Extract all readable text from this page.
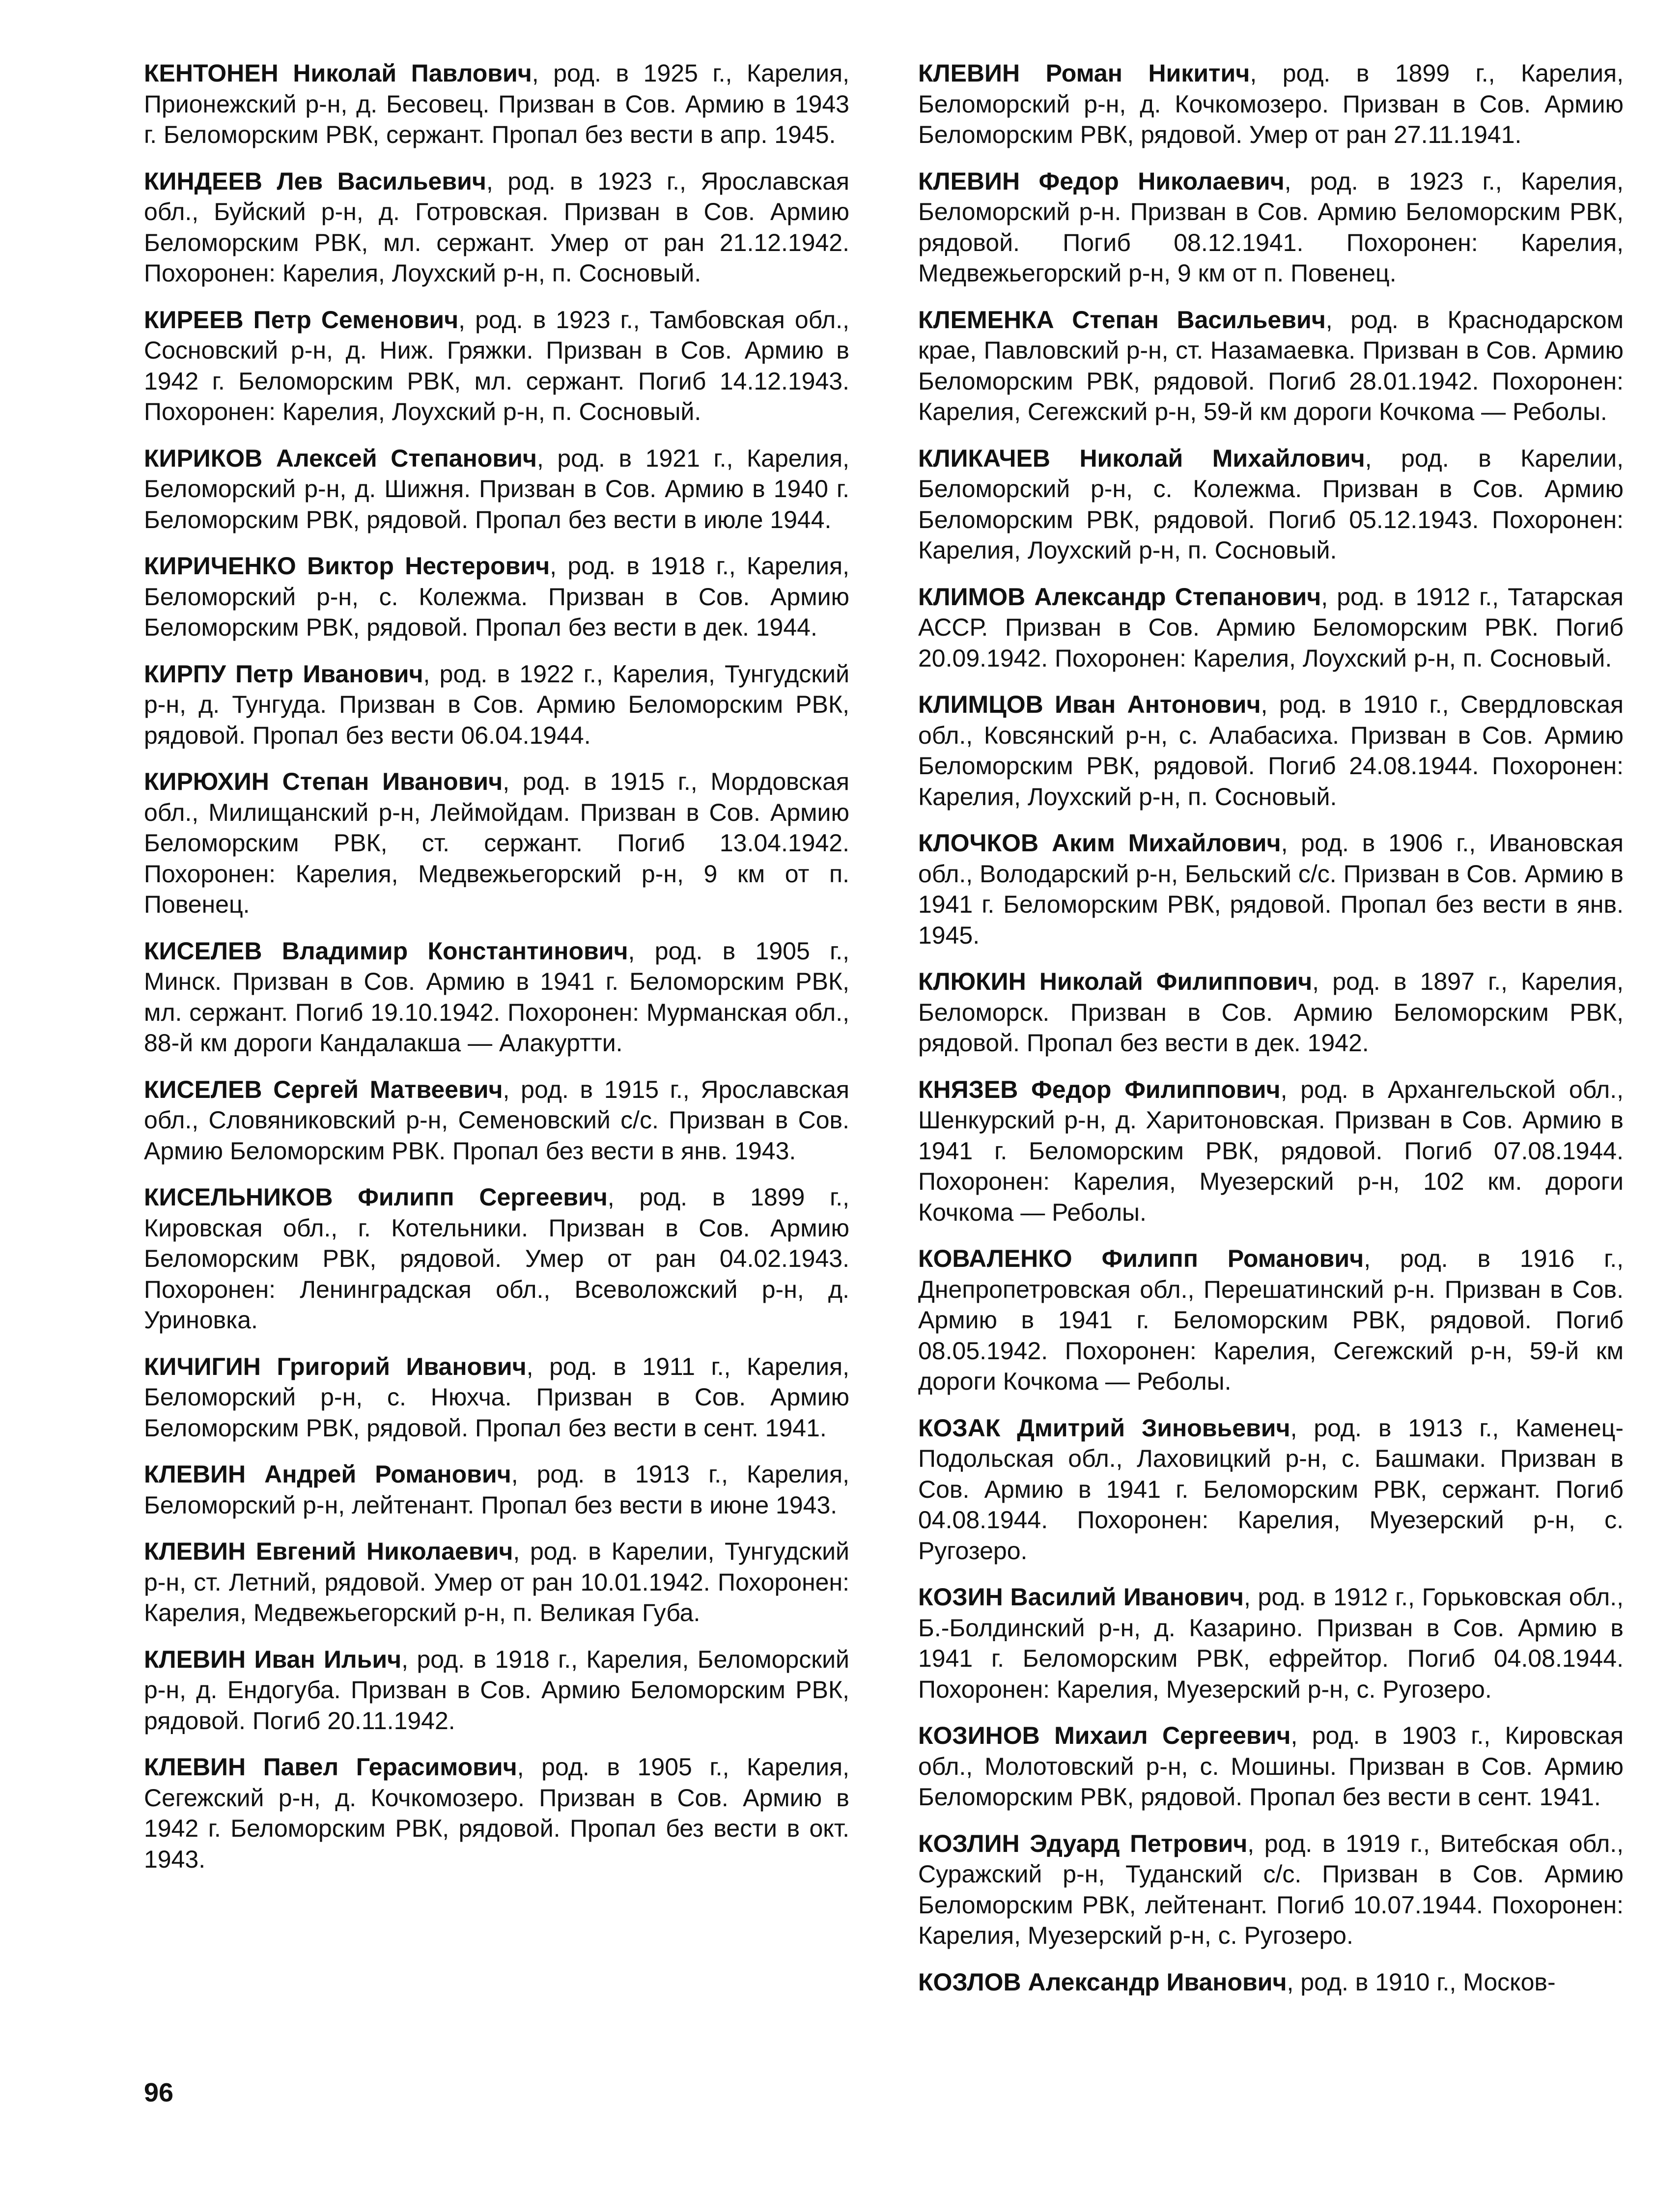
КЕНТОНЕН Николай Павлович, род. в 1925 г., Карелия, Прионежский р-н, д. Бесовец. Призван в Сов. Армию в 1943 г. Беломорским РВК, сержант. Пропал без вести в апр. 1945.

КИНДЕЕВ Лев Васильевич, род. в 1923 г., Ярославская обл., Буйский р-н, д. Готровская. Призван в Сов. Армию Беломорским РВК, мл. сержант. Умер от ран 21.12.1942. Похоронен: Карелия, Лоухский р-н, п. Сосновый.

КИРЕЕВ Петр Семенович, род. в 1923 г., Тамбовская обл., Сосновский р-н, д. Ниж. Гряжки. Призван в Сов. Армию в 1942 г. Беломорским РВК, мл. сержант. Погиб 14.12.1943. Похоронен: Карелия, Лоухский р-н, п. Сосновый.

КИРИКОВ Алексей Степанович, род. в 1921 г., Карелия, Беломорский р-н, д. Шижня. Призван в Сов. Армию в 1940 г. Беломорским РВК, рядовой. Пропал без вести в июле 1944.

КИРИЧЕНКО Виктор Нестерович, род. в 1918 г., Карелия, Беломорский р-н, с. Колежма. Призван в Сов. Армию Беломорским РВК, рядовой. Пропал без вести в дек. 1944.

КИРПУ Петр Иванович, род. в 1922 г., Карелия, Тунгудский р-н, д. Тунгуда. Призван в Сов. Армию Беломорским РВК, рядовой. Пропал без вести 06.04.1944.

КИРЮХИН Степан Иванович, род. в 1915 г., Мордовская обл., Милищанский р-н, Леймойдам. Призван в Сов. Армию Беломорским РВК, ст. сержант. Погиб 13.04.1942. Похоронен: Карелия, Медвежьегорский р-н, 9 км от п. Повенец.

КИСЕЛЕВ Владимир Константинович, род. в 1905 г., Минск. Призван в Сов. Армию в 1941 г. Беломорским РВК, мл. сержант. Погиб 19.10.1942. Похоронен: Мурманская обл., 88-й км дороги Кандалакша — Алакуртти.

КИСЕЛЕВ Сергей Матвеевич, род. в 1915 г., Ярославская обл., Словяниковский р-н, Семеновский с/с. Призван в Сов. Армию Беломорским РВК. Пропал без вести в янв. 1943.

КИСЕЛЬНИКОВ Филипп Сергеевич, род. в 1899 г., Кировская обл., г. Котельники. Призван в Сов. Армию Беломорским РВК, рядовой. Умер от ран 04.02.1943. Похоронен: Ленинградская обл., Всеволожский р-н, д. Уриновка.

КИЧИГИН Григорий Иванович, род. в 1911 г., Карелия, Беломорский р-н, с. Нюхча. Призван в Сов. Армию Беломорским РВК, рядовой. Пропал без вести в сент. 1941.

КЛЕВИН Андрей Романович, род. в 1913 г., Карелия, Беломорский р-н, лейтенант. Пропал без вести в июне 1943.

КЛЕВИН Евгений Николаевич, род. в Карелии, Тунгудский р-н, ст. Летний, рядовой. Умер от ран 10.01.1942. Похоронен: Карелия, Медвежьегорский р-н, п. Великая Губа.

КЛЕВИН Иван Ильич, род. в 1918 г., Карелия, Беломорский р-н, д. Ендогуба. Призван в Сов. Армию Беломорским РВК, рядовой. Погиб 20.11.1942.

КЛЕВИН Павел Герасимович, род. в 1905 г., Карелия, Сегежский р-н, д. Кочкомозеро. Призван в Сов. Армию в 1942 г. Беломорским РВК, рядовой. Пропал без вести в окт. 1943.

КЛЕВИН Роман Никитич, род. в 1899 г., Карелия, Беломорский р-н, д. Кочкомозеро. Призван в Сов. Армию Беломорским РВК, рядовой. Умер от ран 27.11.1941.

КЛЕВИН Федор Николаевич, род. в 1923 г., Карелия, Беломорский р-н. Призван в Сов. Армию Беломорским РВК, рядовой. Погиб 08.12.1941. Похоронен: Карелия, Медвежьегорский р-н, 9 км от п. Повенец.

КЛЕМЕНКА Степан Васильевич, род. в Краснодарском крае, Павловский р-н, ст. Назамаевка. Призван в Сов. Армию Беломорским РВК, рядовой. Погиб 28.01.1942. Похоронен: Карелия, Сегежский р-н, 59-й км дороги Кочкома — Реболы.

КЛИКАЧЕВ Николай Михайлович, род. в Карелии, Беломорский р-н, с. Колежма. Призван в Сов. Армию Беломорским РВК, рядовой. Погиб 05.12.1943. Похоронен: Карелия, Лоухский р-н, п. Сосновый.

КЛИМОВ Александр Степанович, род. в 1912 г., Татарская АССР. Призван в Сов. Армию Беломорским РВК. Погиб 20.09.1942. Похоронен: Карелия, Лоухский р-н, п. Сосновый.

КЛИМЦОВ Иван Антонович, род. в 1910 г., Свердловская обл., Ковсянский р-н, с. Алабасиха. Призван в Сов. Армию Беломорским РВК, рядовой. Погиб 24.08.1944. Похоронен: Карелия, Лоухский р-н, п. Сосновый.

КЛОЧКОВ Аким Михайлович, род. в 1906 г., Ивановская обл., Володарский р-н, Бельский с/с. Призван в Сов. Армию в 1941 г. Беломорским РВК, рядовой. Пропал без вести в янв. 1945.

КЛЮКИН Николай Филиппович, род. в 1897 г., Карелия, Беломорск. Призван в Сов. Армию Беломорским РВК, рядовой. Пропал без вести в дек. 1942.

КНЯЗЕВ Федор Филиппович, род. в Архангельской обл., Шенкурский р-н, д. Харитоновская. Призван в Сов. Армию в 1941 г. Беломорским РВК, рядовой. Погиб 07.08.1944. Похоронен: Карелия, Муезерский р-н, 102 км. дороги Кочкома — Реболы.

КОВАЛЕНКО Филипп Романович, род. в 1916 г., Днепропетровская обл., Перешатинский р-н. Призван в Сов. Армию в 1941 г. Беломорским РВК, рядовой. Погиб 08.05.1942. Похоронен: Карелия, Сегежский р-н, 59-й км дороги Кочкома — Реболы.

КОЗАК Дмитрий Зиновьевич, род. в 1913 г., Каменец-Подольская обл., Лаховицкий р-н, с. Башмаки. Призван в Сов. Армию в 1941 г. Беломорским РВК, сержант. Погиб 04.08.1944. Похоронен: Карелия, Муезерский р-н, с. Ругозеро.

КОЗИН Василий Иванович, род. в 1912 г., Горьковская обл., Б.-Болдинский р-н, д. Казарино. Призван в Сов. Армию в 1941 г. Беломорским РВК, ефрейтор. Погиб 04.08.1944. Похоронен: Карелия, Муезерский р-н, с. Ругозеро.

КОЗИНОВ Михаил Сергеевич, род. в 1903 г., Кировская обл., Молотовский р-н, с. Мошины. Призван в Сов. Армию Беломорским РВК, рядовой. Пропал без вести в сент. 1941.

КОЗЛИН Эдуард Петрович, род. в 1919 г., Витебская обл., Суражский р-н, Туданский с/с. Призван в Сов. Армию Беломорским РВК, лейтенант. Погиб 10.07.1944. Похоронен: Карелия, Муезерский р-н, с. Ругозеро.

КОЗЛОВ Александр Иванович, род. в 1910 г., Москов-

96
